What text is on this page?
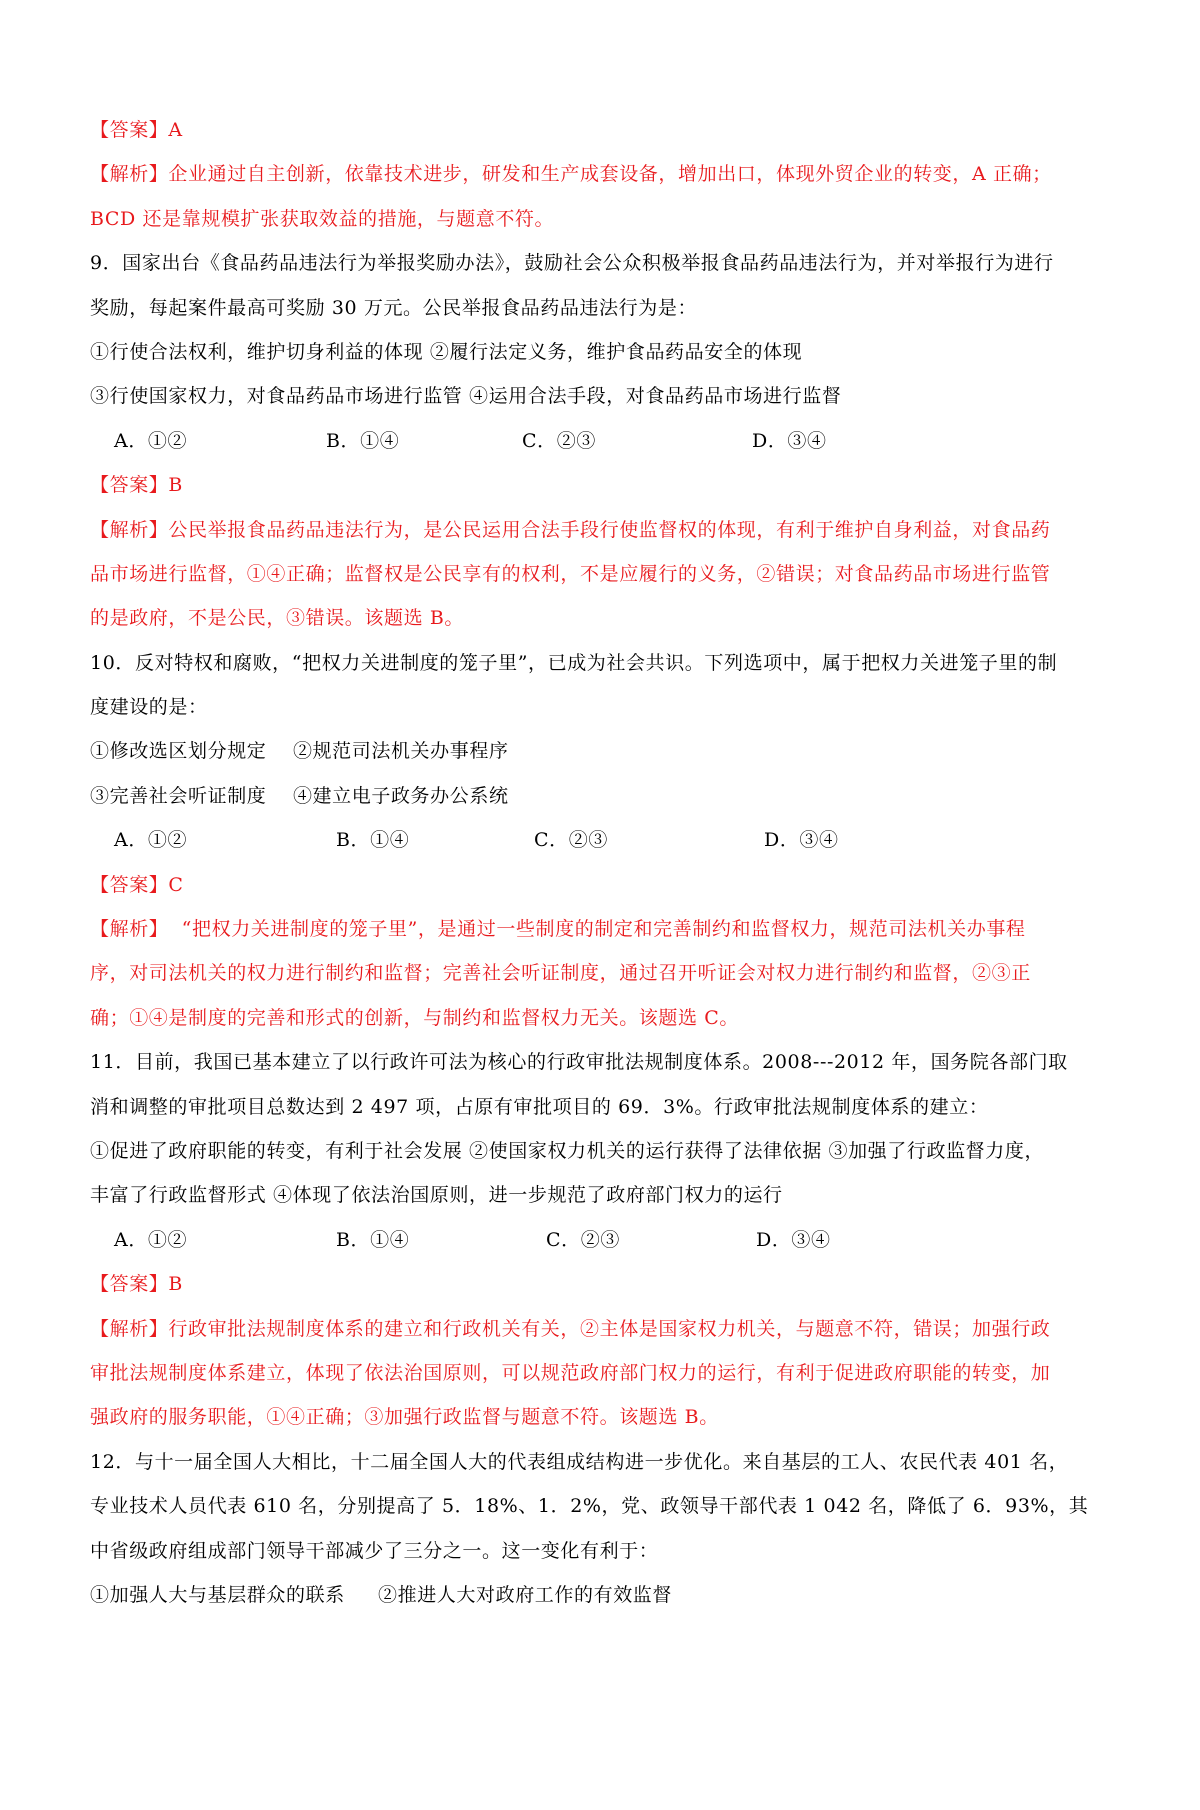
【答案】A
【解析】企业通过自主创新，依靠技术进步，研发和生产成套设备，增加出口，体现外贸企业的转变，A 正确；
BCD 还是靠规模扩张获取效益的措施，与题意不符。
9．国家出台《食品药品违法行为举报奖励办法》，鼓励社会公众积极举报食品药品违法行为，并对举报行为进行
奖励，每起案件最高可奖励 30 万元。公民举报食品药品违法行为是：
①行使合法权利，维护切身利益的体现 ②履行法定义务，维护食品药品安全的体现
③行使国家权力，对食品药品市场进行监管 ④运用合法手段，对食品药品市场进行监督
A．①②	B．①④	C．②③	D．③④
【答案】B
【解析】公民举报食品药品违法行为，是公民运用合法手段行使监督权的体现，有利于维护自身利益，对食品药
品市场进行监督，①④正确；监督权是公民享有的权利，不是应履行的义务，②错误；对食品药品市场进行监管
的是政府，不是公民，③错误。该题选 B。
10．反对特权和腐败，“把权力关进制度的笼子里”，已成为社会共识。下列选项中，属于把权力关进笼子里的制
度建设的是：
①修改选区划分规定    ②规范司法机关办事程序
③完善社会听证制度    ④建立电子政务办公系统
A．①②	B．①④	C．②③	D．③④
【答案】C
【解析】  “把权力关进制度的笼子里”，是通过一些制度的制定和完善制约和监督权力，规范司法机关办事程
序，对司法机关的权力进行制约和监督；完善社会听证制度，通过召开听证会对权力进行制约和监督，②③正
确；①④是制度的完善和形式的创新，与制约和监督权力无关。该题选 C。
11．目前，我国已基本建立了以行政许可法为核心的行政审批法规制度体系。2008---2012 年，国务院各部门取
消和调整的审批项目总数达到 2 497 项，占原有审批项目的 69．3%。行政审批法规制度体系的建立：
①促进了政府职能的转变，有利于社会发展 ②使国家权力机关的运行获得了法律依据 ③加强了行政监督力度，
丰富了行政监督形式 ④体现了依法治国原则，进一步规范了政府部门权力的运行
A．①②	B．①④	C．②③	D．③④
【答案】B
【解析】行政审批法规制度体系的建立和行政机关有关，②主体是国家权力机关，与题意不符，错误；加强行政
审批法规制度体系建立，体现了依法治国原则，可以规范政府部门权力的运行，有利于促进政府职能的转变，加
强政府的服务职能，①④正确；③加强行政监督与题意不符。该题选 B。
12．与十一届全国人大相比，十二届全国人大的代表组成结构进一步优化。来自基层的工人、农民代表 401 名，
专业技术人员代表 610 名，分别提高了 5．18%、1．2%，党、政领导干部代表 1 042 名，降低了 6．93%，其
中省级政府组成部门领导干部减少了三分之一。这一变化有利于：
①加强人大与基层群众的联系     ②推进人大对政府工作的有效监督
